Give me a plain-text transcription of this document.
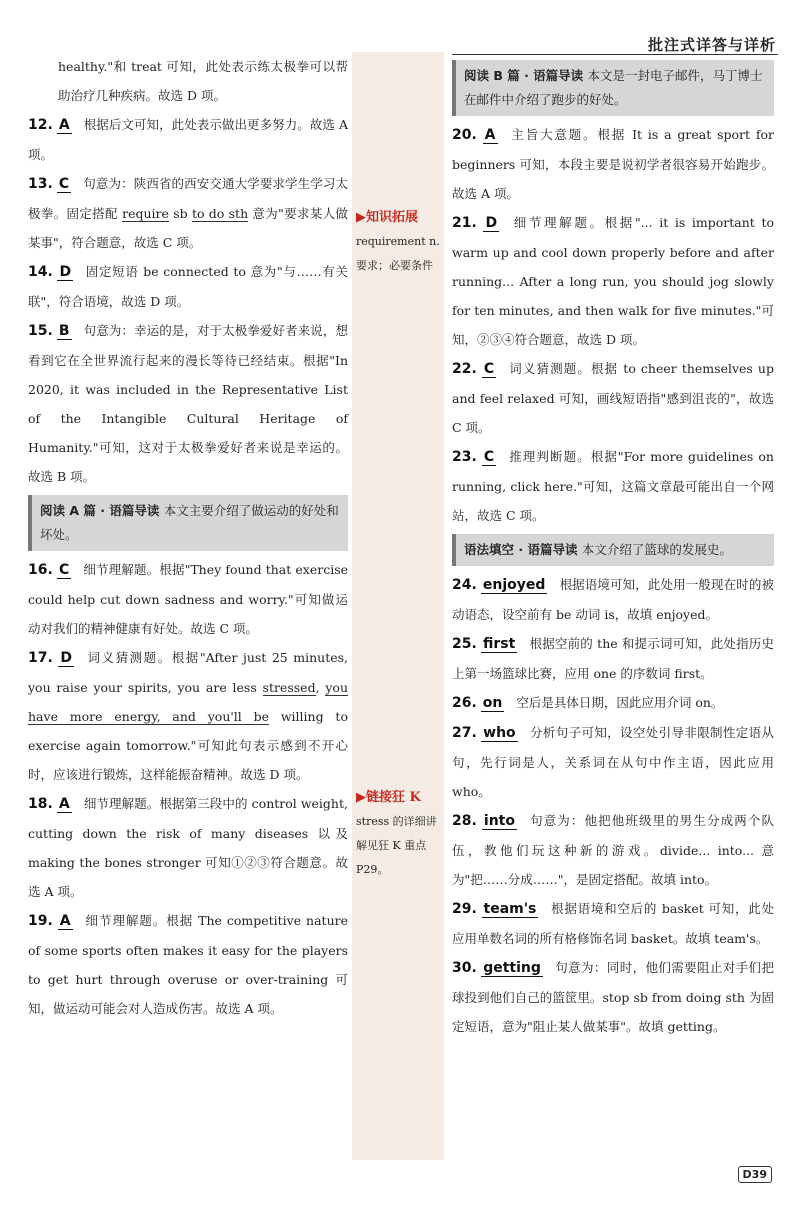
批注式详答与详析
▶知识拓展
requirement n. 要求；必要条件
▶链接狂 K
stress 的详细讲解见狂 K 重点 P29。

healthy."和 treat 可知，此处表示练太极拳可以帮助治疗几种疾病。故选 D 项。

12. A 根据后文可知，此处表示做出更多努力。故选 A 项。
13. C 句意为：陕西省的西安交通大学要求学生学习太极拳。固定搭配 require sb to do sth 意为"要求某人做某事"，符合题意，故选 C 项。
14. D 固定短语 be connected to 意为"与……有关联"，符合语境，故选 D 项。
15. B 句意为：幸运的是，对于太极拳爱好者来说，想看到它在全世界流行起来的漫长等待已经结束。根据"In 2020, it was included in the Representative List of the Intangible Cultural Heritage of Humanity."可知，这对于太极拳爱好者来说是幸运的。故选 B 项。
阅读 A 篇 · 语篇导读 本文主要介绍了做运动的好处和坏处。
16. C 细节理解题。根据"They found that exercise could help cut down sadness and worry."可知做运动对我们的精神健康有好处。故选 C 项。
17. D 词义猜测题。根据"After just 25 minutes, you raise your spirits, you are less stressed, you have more energy, and you'll be willing to exercise again tomorrow."可知此句表示感到不开心时，应该进行锻炼，这样能振奋精神。故选 D 项。
18. A 细节理解题。根据第三段中的 control weight, cutting down the risk of many diseases 以及 making the bones stronger 可知①②③符合题意。故选 A 项。
19. A 细节理解题。根据 The competitive nature of some sports often makes it easy for the players to get hurt through overuse or over-training 可知，做运动可能会对人造成伤害。故选 A 项。
阅读 B 篇 · 语篇导读 本文是一封电子邮件，马丁博士在邮件中介绍了跑步的好处。
20. A 主旨大意题。根据 It is a great sport for beginners 可知，本段主要是说初学者很容易开始跑步。故选 A 项。
21. D 细节理解题。根据"... it is important to warm up and cool down properly before and after running... After a long run, you should jog slowly for ten minutes, and then walk for five minutes."可知，②③④符合题意，故选 D 项。
22. C 词义猜测题。根据 to cheer themselves up and feel relaxed 可知，画线短语指"感到沮丧的"，故选 C 项。
23. C 推理判断题。根据"For more guidelines on running, click here."可知，这篇文章最可能出自一个网站，故选 C 项。
语法填空 · 语篇导读 本文介绍了篮球的发展史。
24. enjoyed 根据语境可知，此处用一般现在时的被动语态，设空前有 be 动词 is，故填 enjoyed。
25. first 根据空前的 the 和提示词可知，此处指历史上第一场篮球比赛，应用 one 的序数词 first。
26. on 空后是具体日期，因此应用介词 on。
27. who 分析句子可知，设空处引导非限制性定语从句，先行词是人，关系词在从句中作主语，因此应用 who。
28. into 句意为：他把他班级里的男生分成两个队伍，教他们玩这种新的游戏。divide... into... 意为"把……分成……"，是固定搭配。故填 into。
29. team's 根据语境和空后的 basket 可知，此处应用单数名词的所有格修饰名词 basket。故填 team's。
30. getting 句意为：同时，他们需要阻止对手们把球投到他们自己的篮筐里。stop sb from doing sth 为固定短语，意为"阻止某人做某事"。故填 getting。
D39
